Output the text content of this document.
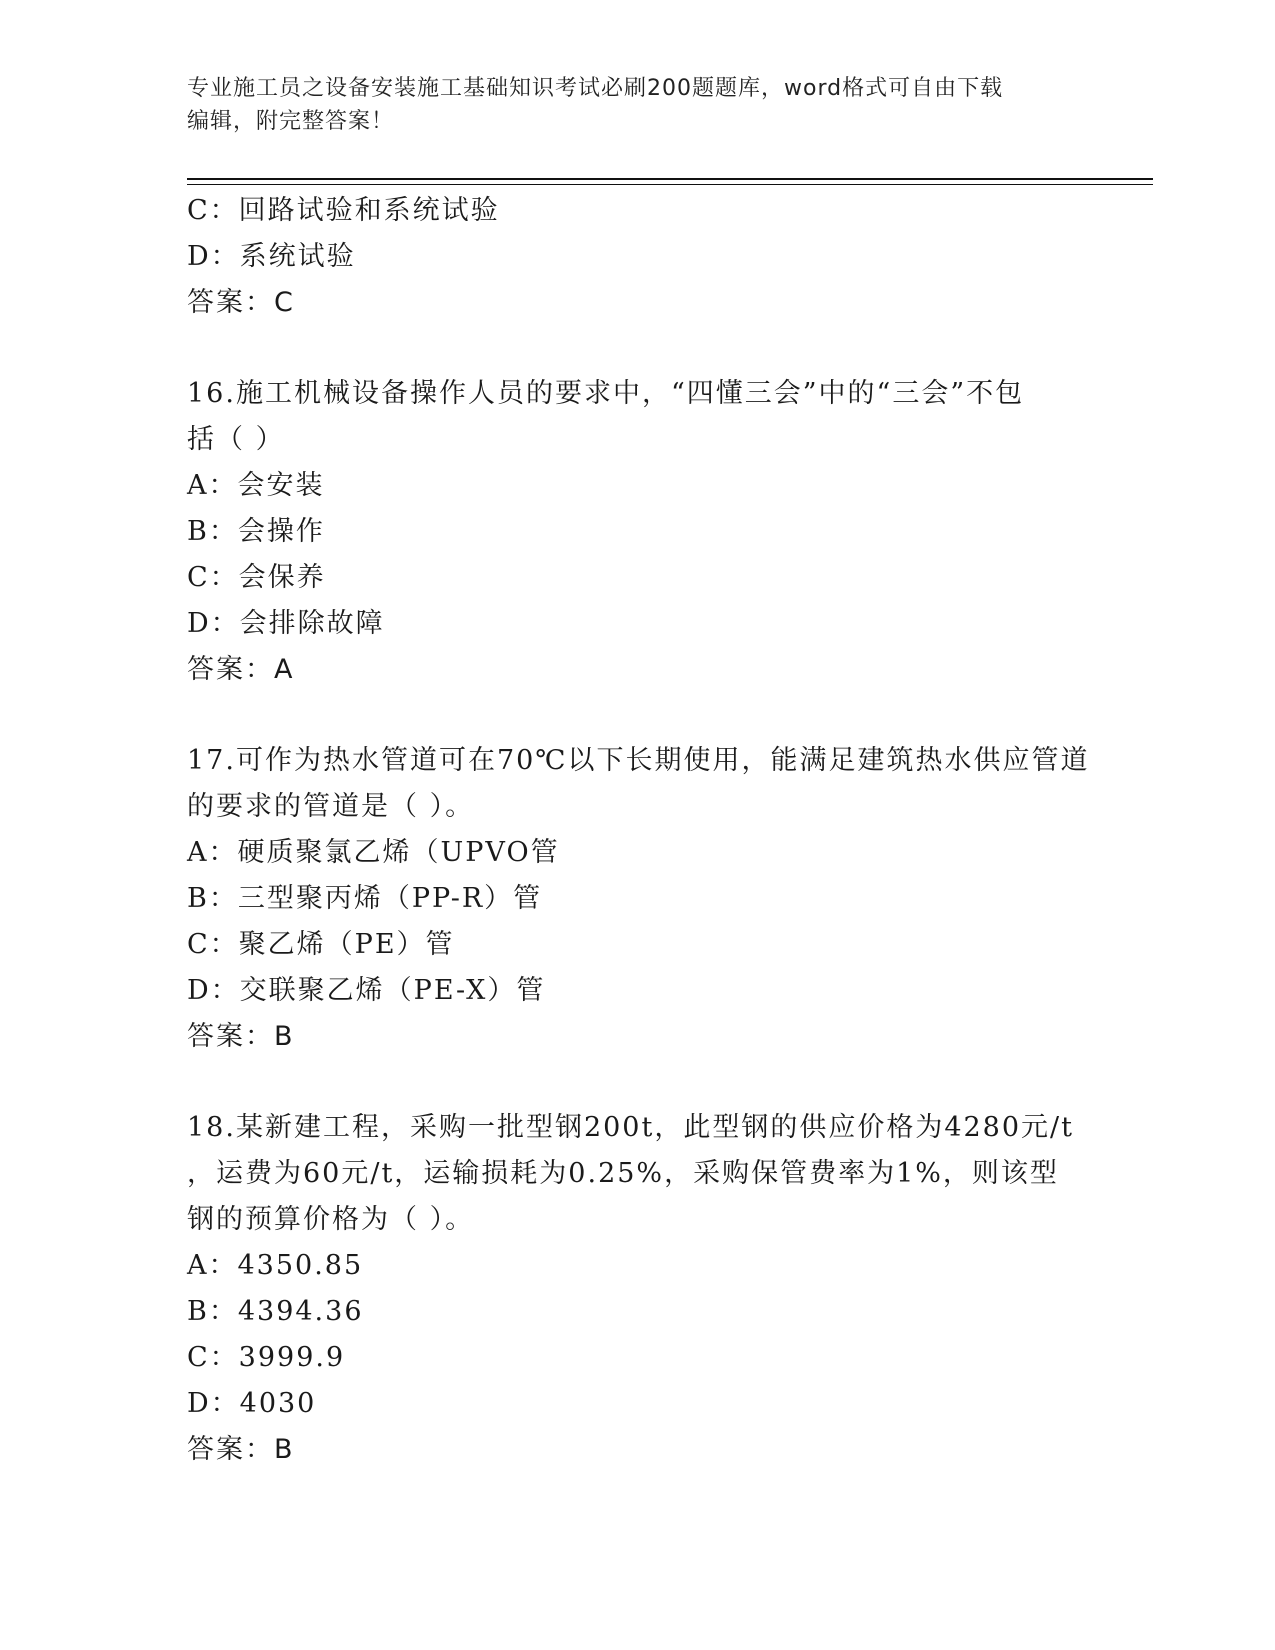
专业施工员之设备安装施工基础知识考试必刷200题题库，word格式可自由下载
编辑，附完整答案！
C：回路试验和系统试验
D：系统试验
答案：C
16.施工机械设备操作人员的要求中，“四懂三会”中的“三会”不包
括（ ）
A：会安装
B：会操作
C：会保养
D：会排除故障
答案：A
17.可作为热水管道可在70℃以下长期使用，能满足建筑热水供应管道
的要求的管道是（ ）。
A：硬质聚氯乙烯（UPVO管
B：三型聚丙烯（PP-R）管
C：聚乙烯（PE）管
D：交联聚乙烯（PE-X）管
答案：B
18.某新建工程，采购一批型钢200t，此型钢的供应价格为4280元/t
，运费为60元/t，运输损耗为0.25%，采购保管费率为1%，则该型
钢的预算价格为（ ）。
A：4350.85
B：4394.36
C：3999.9
D：4030
答案：B
